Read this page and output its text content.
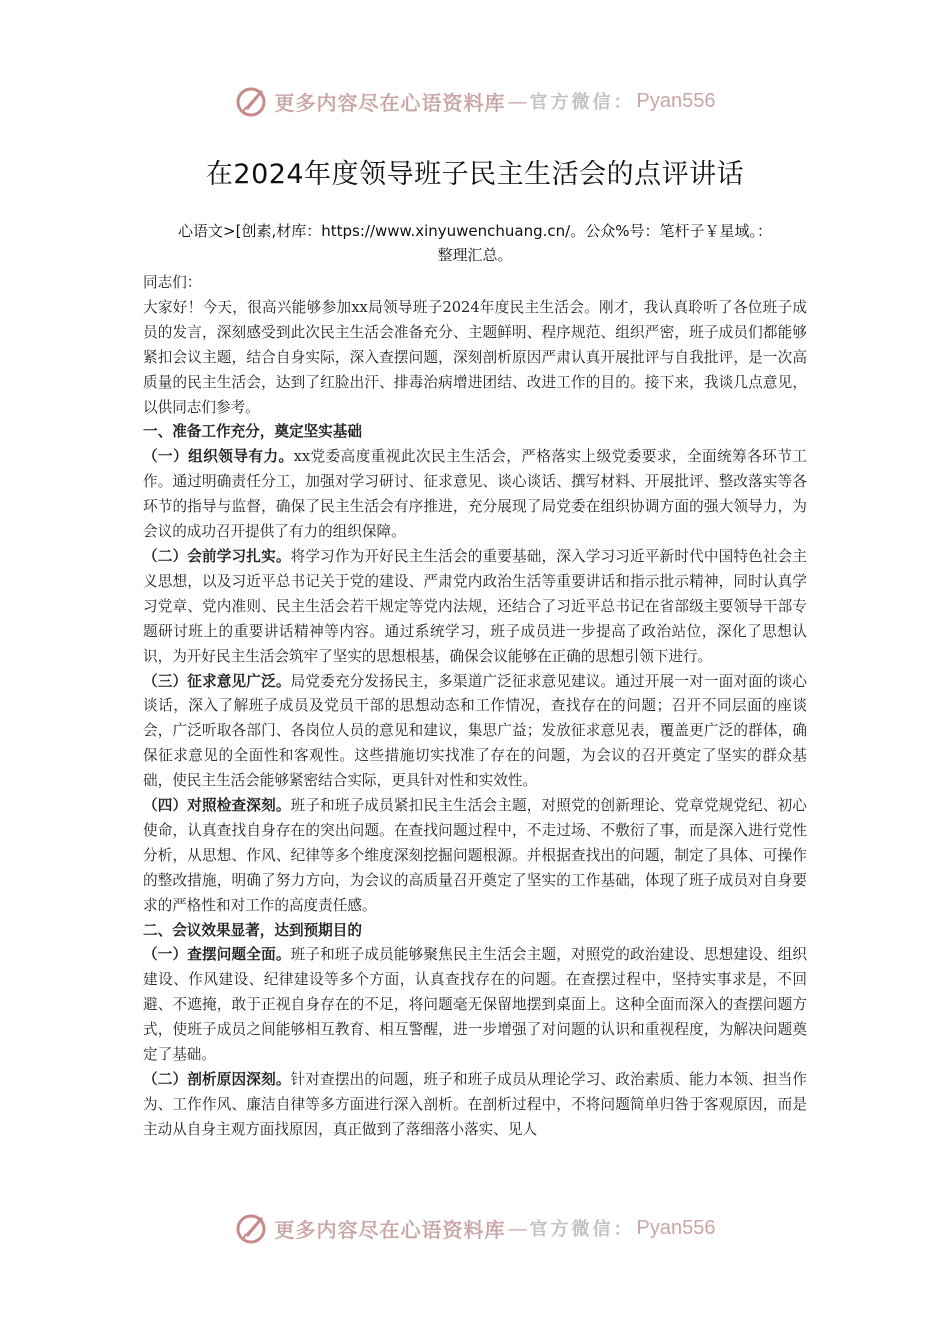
更多内容尽在心语资料库 — 官方微信： Pyan556
在2024年度领导班子民主生活会的点评讲话
心语文>[创素,材库：https://www.xinyuwenchuang.cn/。公众%号：笔杆子￥星域。：
整理汇总。

同志们：

大家好！今天，很高兴能够参加xx局领导班子2024年度民主生活会。刚才，我认真聆听了各位班子成员的发言，深刻感受到此次民主生活会准备充分、主题鲜明、程序规范、组织严密，班子成员们都能够紧扣会议主题，结合自身实际，深入查摆问题，深刻剖析原因严肃认真开展批评与自我批评，是一次高质量的民主生活会，达到了红脸出汗、排毒治病增进团结、改进工作的目的。接下来，我谈几点意见，以供同志们参考。

一、准备工作充分，奠定坚实基础

（一）组织领导有力。xx党委高度重视此次民主生活会，严格落实上级党委要求，全面统筹各环节工作。通过明确责任分工，加强对学习研讨、征求意见、谈心谈话、撰写材料、开展批评、整改落实等各环节的指导与监督，确保了民主生活会有序推进，充分展现了局党委在组织协调方面的强大领导力，为会议的成功召开提供了有力的组织保障。

（二）会前学习扎实。将学习作为开好民主生活会的重要基础，深入学习习近平新时代中国特色社会主义思想，以及习近平总书记关于党的建设、严肃党内政治生活等重要讲话和指示批示精神，同时认真学习党章、党内准则、民主生活会若干规定等党内法规，还结合了习近平总书记在省部级主要领导干部专题研讨班上的重要讲话精神等内容。通过系统学习，班子成员进一步提高了政治站位，深化了思想认识，为开好民主生活会筑牢了坚实的思想根基，确保会议能够在正确的思想引领下进行。

（三）征求意见广泛。局党委充分发扬民主，多渠道广泛征求意见建议。通过开展一对一面对面的谈心谈话，深入了解班子成员及党员干部的思想动态和工作情况，查找存在的问题；召开不同层面的座谈会，广泛听取各部门、各岗位人员的意见和建议，集思广益；发放征求意见表，覆盖更广泛的群体，确保征求意见的全面性和客观性。这些措施切实找准了存在的问题，为会议的召开奠定了坚实的群众基础，使民主生活会能够紧密结合实际，更具针对性和实效性。

（四）对照检查深刻。班子和班子成员紧扣民主生活会主题，对照党的创新理论、党章党规党纪、初心使命，认真查找自身存在的突出问题。在查找问题过程中，不走过场、不敷衍了事，而是深入进行党性分析，从思想、作风、纪律等多个维度深刻挖掘问题根源。并根据查找出的问题，制定了具体、可操作的整改措施，明确了努力方向，为会议的高质量召开奠定了坚实的工作基础，体现了班子成员对自身要求的严格性和对工作的高度责任感。

二、会议效果显著，达到预期目的

（一）查摆问题全面。班子和班子成员能够聚焦民主生活会主题，对照党的政治建设、思想建设、组织建设、作风建设、纪律建设等多个方面，认真查找存在的问题。在查摆过程中，坚持实事求是，不回避、不遮掩，敢于正视自身存在的不足，将问题毫无保留地摆到桌面上。这种全面而深入的查摆问题方式，使班子成员之间能够相互教育、相互警醒，进一步增强了对问题的认识和重视程度，为解决问题奠定了基础。

（二）剖析原因深刻。针对查摆出的问题，班子和班子成员从理论学习、政治素质、能力本领、担当作为、工作作风、廉洁自律等多方面进行深入剖析。在剖析过程中，不将问题简单归咎于客观原因，而是主动从自身主观方面找原因，真正做到了落细落小落实、见人

更多内容尽在心语资料库 — 官方微信： Pyan556
